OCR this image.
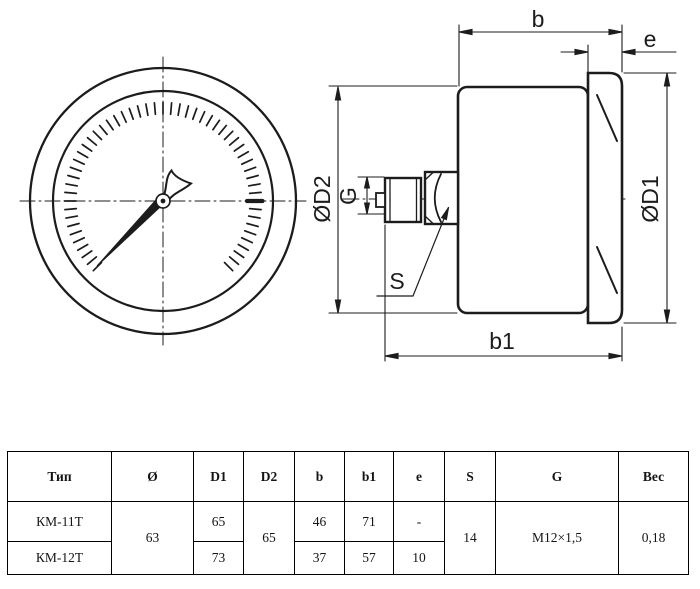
b
e
b1
S
G
ØD2	ØD1
Тип	Ø	D1	D2	b	b1	e	S	G	Вес
КМ-11Т	63	65	65	46	71	-	14	M12×1,5	0,18
КМ-12Т		73		37	57	10			
